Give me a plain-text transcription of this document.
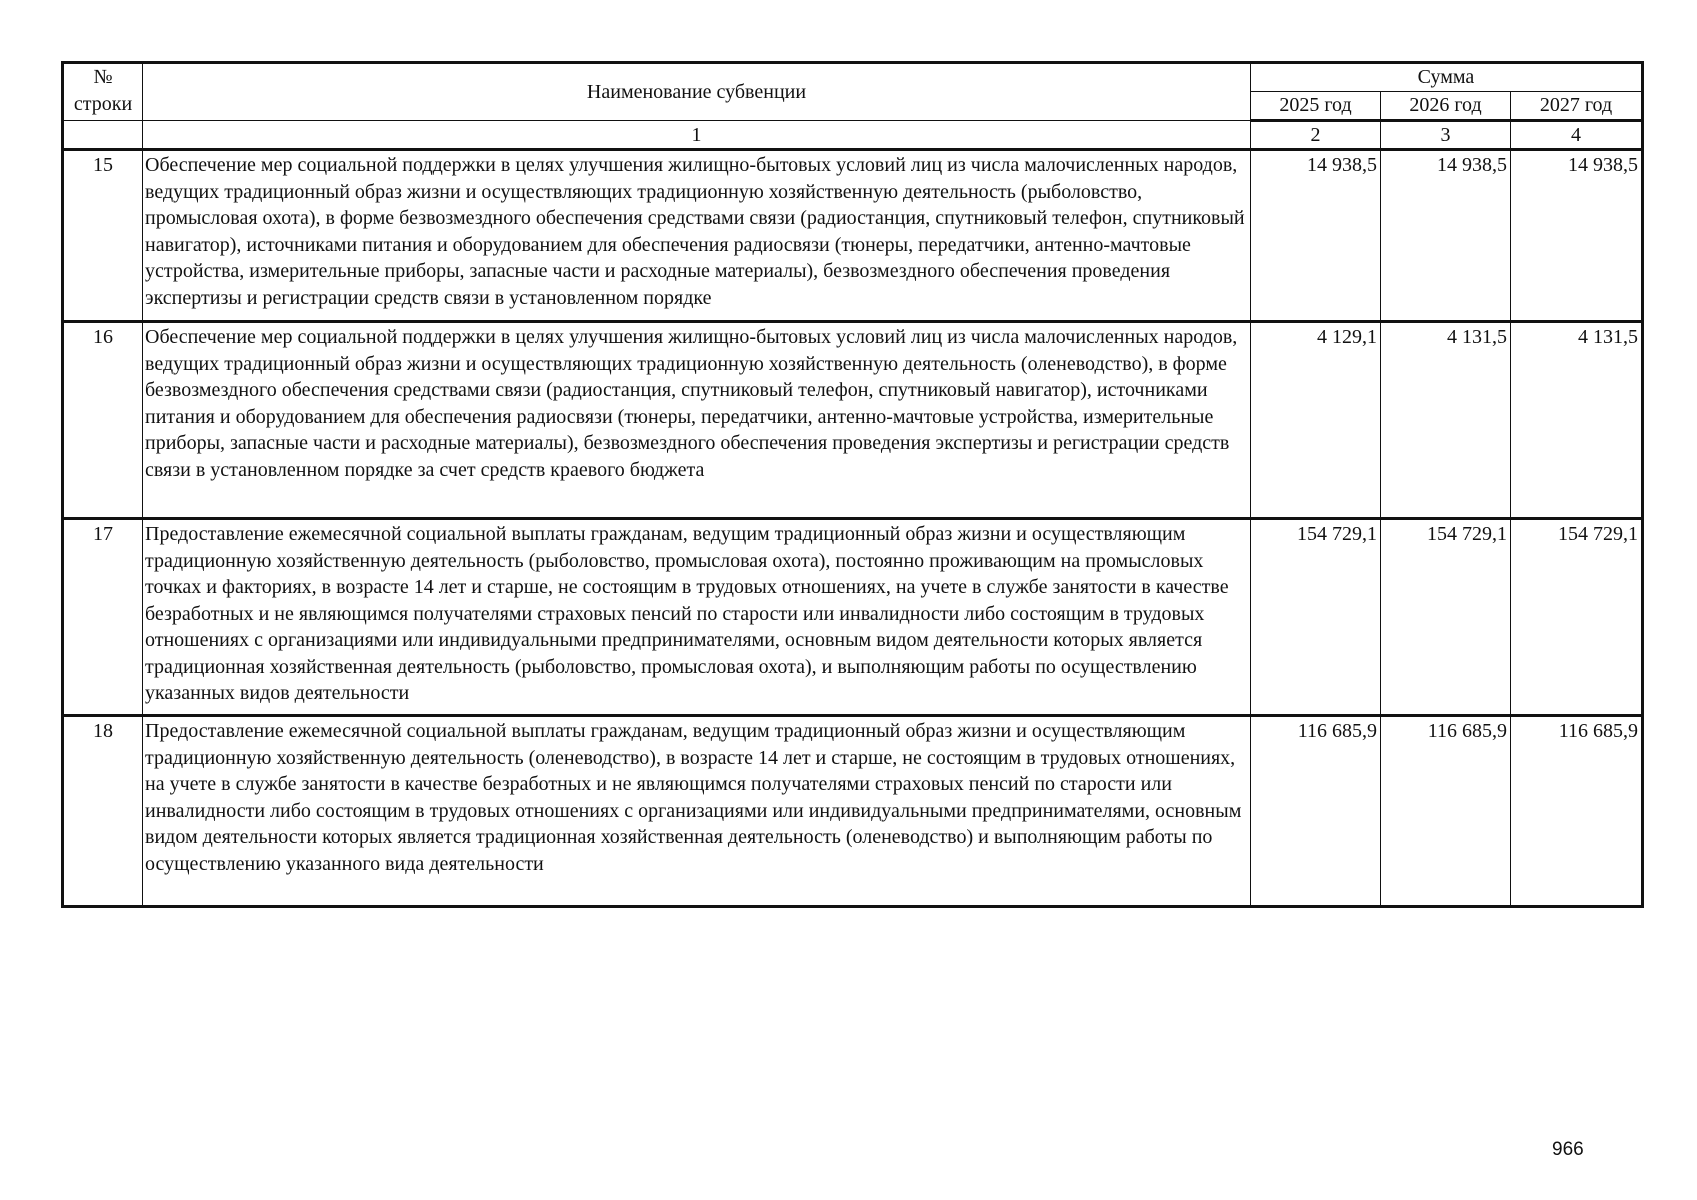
№
строки	Наименование субвенции	Сумма		
		2025 год	2026 год	2027 год
	1	2	3	4
15	Обеспечение мер социальной поддержки в целях улучшения жилищно-бытовых условий лиц из числа малочисленных народов, ведущих традиционный образ жизни и осуществляющих традиционную хозяйственную деятельность (рыболовство, промысловая охота), в форме безвозмездного обеспечения средствами связи (радиостанция, спутниковый телефон, спутниковый навигатор), источниками питания и оборудованием для обеспечения радиосвязи (тюнеры, передатчики, антенно-мачтовые устройства, измерительные приборы, запасные части и расходные материалы), безвозмездного обеспечения проведения экспертизы и регистрации средств связи в установленном порядке	14 938,5	14 938,5	14 938,5
16	Обеспечение мер социальной поддержки в целях улучшения жилищно-бытовых условий лиц из числа малочисленных народов, ведущих традиционный образ жизни и осуществляющих традиционную хозяйственную деятельность (оленеводство), в форме безвозмездного обеспечения средствами связи (радиостанция, спутниковый телефон, спутниковый навигатор), источниками питания и оборудованием для обеспечения радиосвязи (тюнеры, передатчики, антенно-мачтовые устройства, измерительные приборы, запасные части и расходные материалы), безвозмездного обеспечения проведения экспертизы и регистрации средств связи в установленном порядке за счет средств краевого бюджета	4 129,1	4 131,5	4 131,5
17	Предоставление ежемесячной социальной выплаты гражданам, ведущим традиционный образ жизни и осуществляющим традиционную хозяйственную деятельность (рыболовство, промысловая охота), постоянно проживающим на промысловых точках и факториях, в возрасте 14 лет и старше, не состоящим в трудовых отношениях, на учете в службе занятости в качестве безработных и не являющимся получателями страховых пенсий по старости или инвалидности либо состоящим в трудовых отношениях с организациями или индивидуальными предпринимателями, основным видом деятельности которых является традиционная хозяйственная деятельность (рыболовство, промысловая охота), и выполняющим работы по осуществлению указанных видов деятельности	154 729,1	154 729,1	154 729,1
18	Предоставление ежемесячной социальной выплаты гражданам, ведущим традиционный образ жизни и осуществляющим традиционную хозяйственную деятельность (оленеводство), в возрасте 14 лет и старше, не состоящим в трудовых отношениях, на учете в службе занятости в качестве безработных и не являющимся получателями страховых пенсий по старости или инвалидности либо состоящим в трудовых отношениях с организациями или индивидуальными предпринимателями, основным видом деятельности которых является традиционная хозяйственная деятельность (оленеводство) и выполняющим работы по осуществлению указанного вида деятельности	116 685,9	116 685,9	116 685,9
966
